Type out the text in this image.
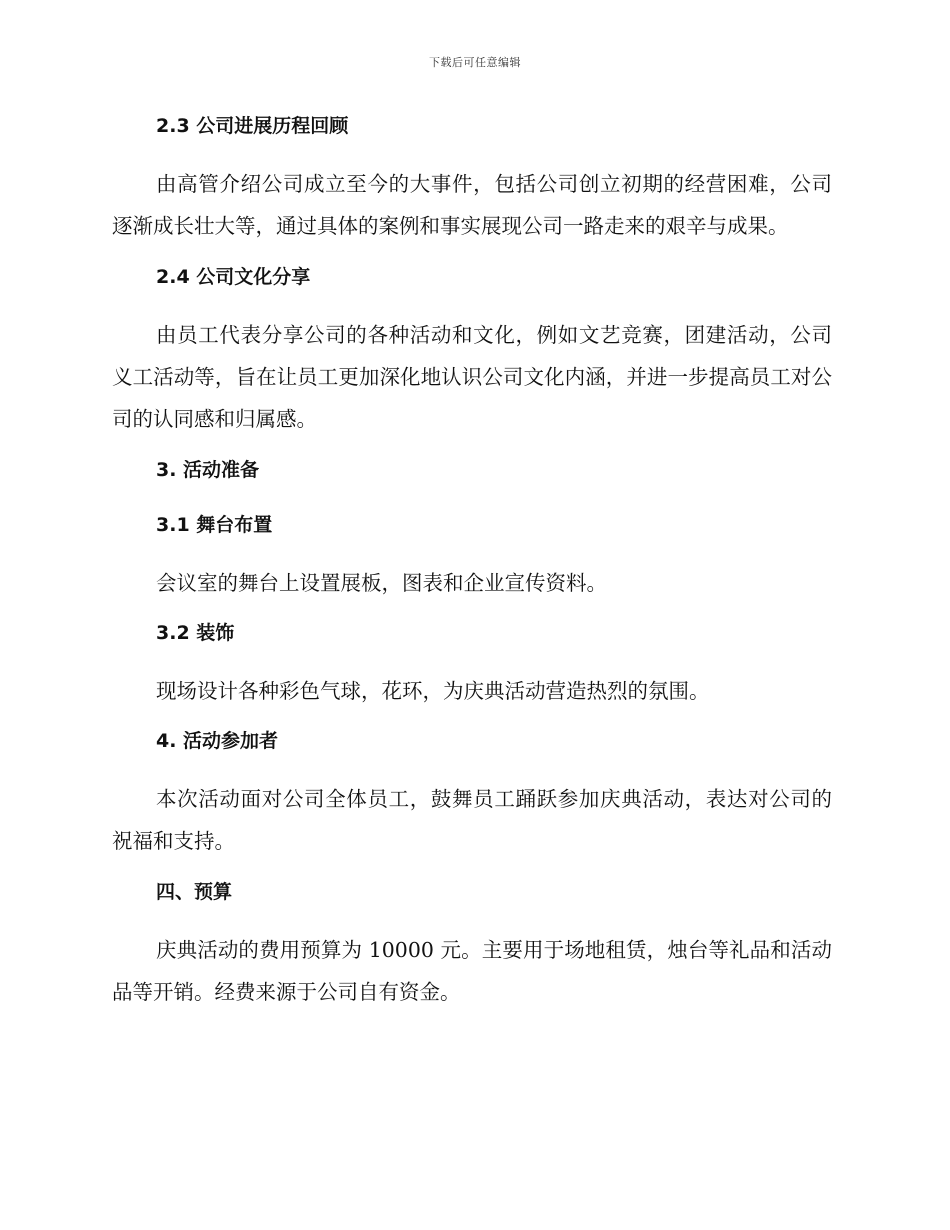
下载后可任意编辑
2.3 公司进展历程回顾

由高管介绍公司成立至今的大事件，包括公司创立初期的经营困难，公司逐渐成长壮大等，通过具体的案例和事实展现公司一路走来的艰辛与成果。

2.4 公司文化分享

由员工代表分享公司的各种活动和文化，例如文艺竞赛，团建活动，公司义工活动等，旨在让员工更加深化地认识公司文化内涵，并进一步提高员工对公司的认同感和归属感。

3. 活动准备
3.1 舞台布置

会议室的舞台上设置展板，图表和企业宣传资料。

3.2 装饰

现场设计各种彩色气球，花环，为庆典活动营造热烈的氛围。

4. 活动参加者

本次活动面对公司全体员工，鼓舞员工踊跃参加庆典活动，表达对公司的祝福和支持。

四、预算

庆典活动的费用预算为 10000 元。主要用于场地租赁，烛台等礼品和活动品等开销。经费来源于公司自有资金。
